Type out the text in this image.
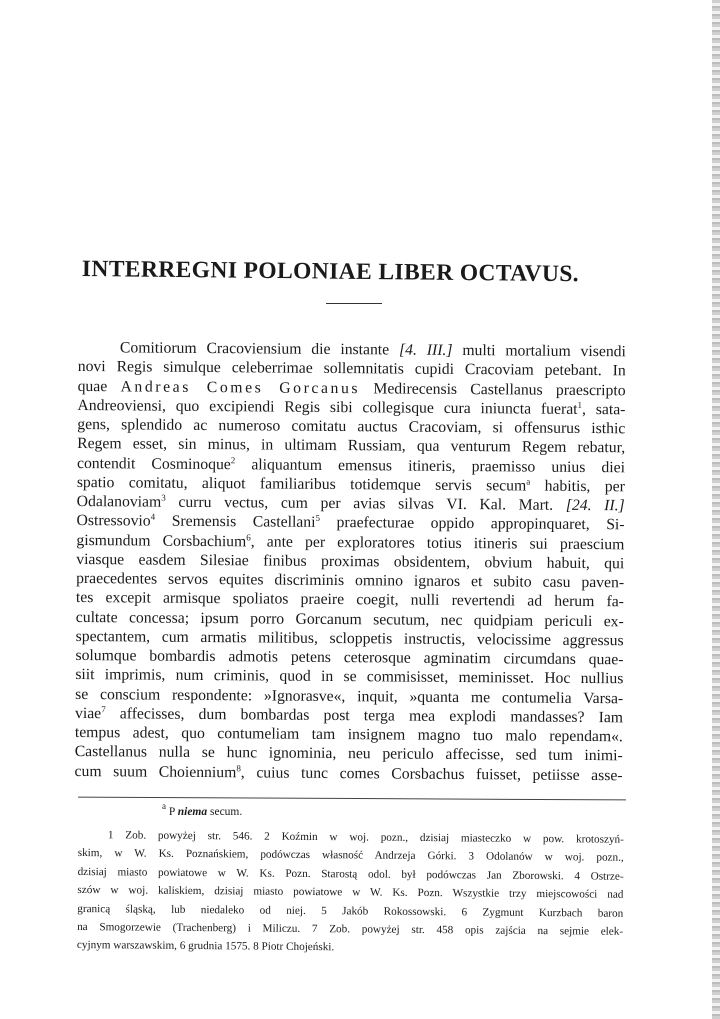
INTERREGNI POLONIAE LIBER OCTAVUS.
Comitiorum Cracoviensium die instante [4. III.] multi mortalium visendi
novi Regis simulque celeberrimae sollemnitatis cupidi Cracoviam petebant. In
quae Andreas Comes Gorcanus Medirecensis Castellanus praescripto
Andreoviensi, quo excipiendi Regis sibi collegisque cura iniuncta fuerat$^1$, sata-
gens, splendido ac numeroso comitatu auctus Cracoviam, si offensurus isthic
Regem esset, sin minus, in ultimam Russiam, qua venturum Regem rebatur,
contendit Cosminoque$^2$ aliquantum emensus itineris, praemisso unius diei
spatio comitatu, aliquot familiaribus totidemque servis secum$^a$ habitis, per
Odalanoviam$^3$ curru vectus, cum per avias silvas VI. Kal. Mart. [24. II.]
Ostressovio$^4$ Sremensis Castellani$^5$ praefecturae oppido appropinquaret, Si-
gismundum Corsbachium$^6$, ante per exploratores totius itineris sui praescium
viasque easdem Silesiae finibus proximas obsidentem, obvium habuit, qui
praecedentes servos equites discriminis omnino ignaros et subito casu paven-
tes excepit armisque spoliatos praeire coegit, nulli revertendi ad herum fa-
cultate concessa; ipsum porro Gorcanum secutum, nec quidpiam periculi ex-
spectantem, cum armatis militibus, scloppetis instructis, velocissime aggressus
solumque bombardis admotis petens ceterosque agminatim circumdans quae-
siit imprimis, num criminis, quod in se commisisset, meminisset. Hoc nullius
se conscium respondente: »Ignorasve«, inquit, »quanta me contumelia Varsa-
viae$^7$ affecisses, dum bombardas post terga mea explodi mandasses? Iam
tempus adest, quo contumeliam tam insignem magno tuo malo rependam«.
Castellanus nulla se hunc ignominia, neu periculo affecisse, sed tum inimi-
cum suum Choiennium$^8$, cuius tunc comes Corsbachus fuisset, petiisse asse-
$^a$ P niema secum.
1 Zob. powyżej str. 546. 2 Koźmin w woj. pozn., dzisiaj miasteczko w pow. krotoszyń-
skim, w W. Ks. Poznańskiem, podówczas własność Andrzeja Górki. 3 Odolanów w woj. pozn.,
dzisiaj miasto powiatowe w W. Ks. Pozn. Starostą odol. był podówczas Jan Zborowski. 4 Ostrze-
szów w woj. kaliskiem, dzisiaj miasto powiatowe w W. Ks. Pozn. Wszystkie trzy miejscowości nad
granicą śląską, lub niedaleko od niej. 5 Jakób Rokossowski. 6 Zygmunt Kurzbach baron
na Smogorzewie (Trachenberg) i Miliczu. 7 Zob. powyżej str. 458 opis zajścia na sejmie elek-
cyjnym warszawskim, 6 grudnia 1575. 8 Piotr Chojeński.
